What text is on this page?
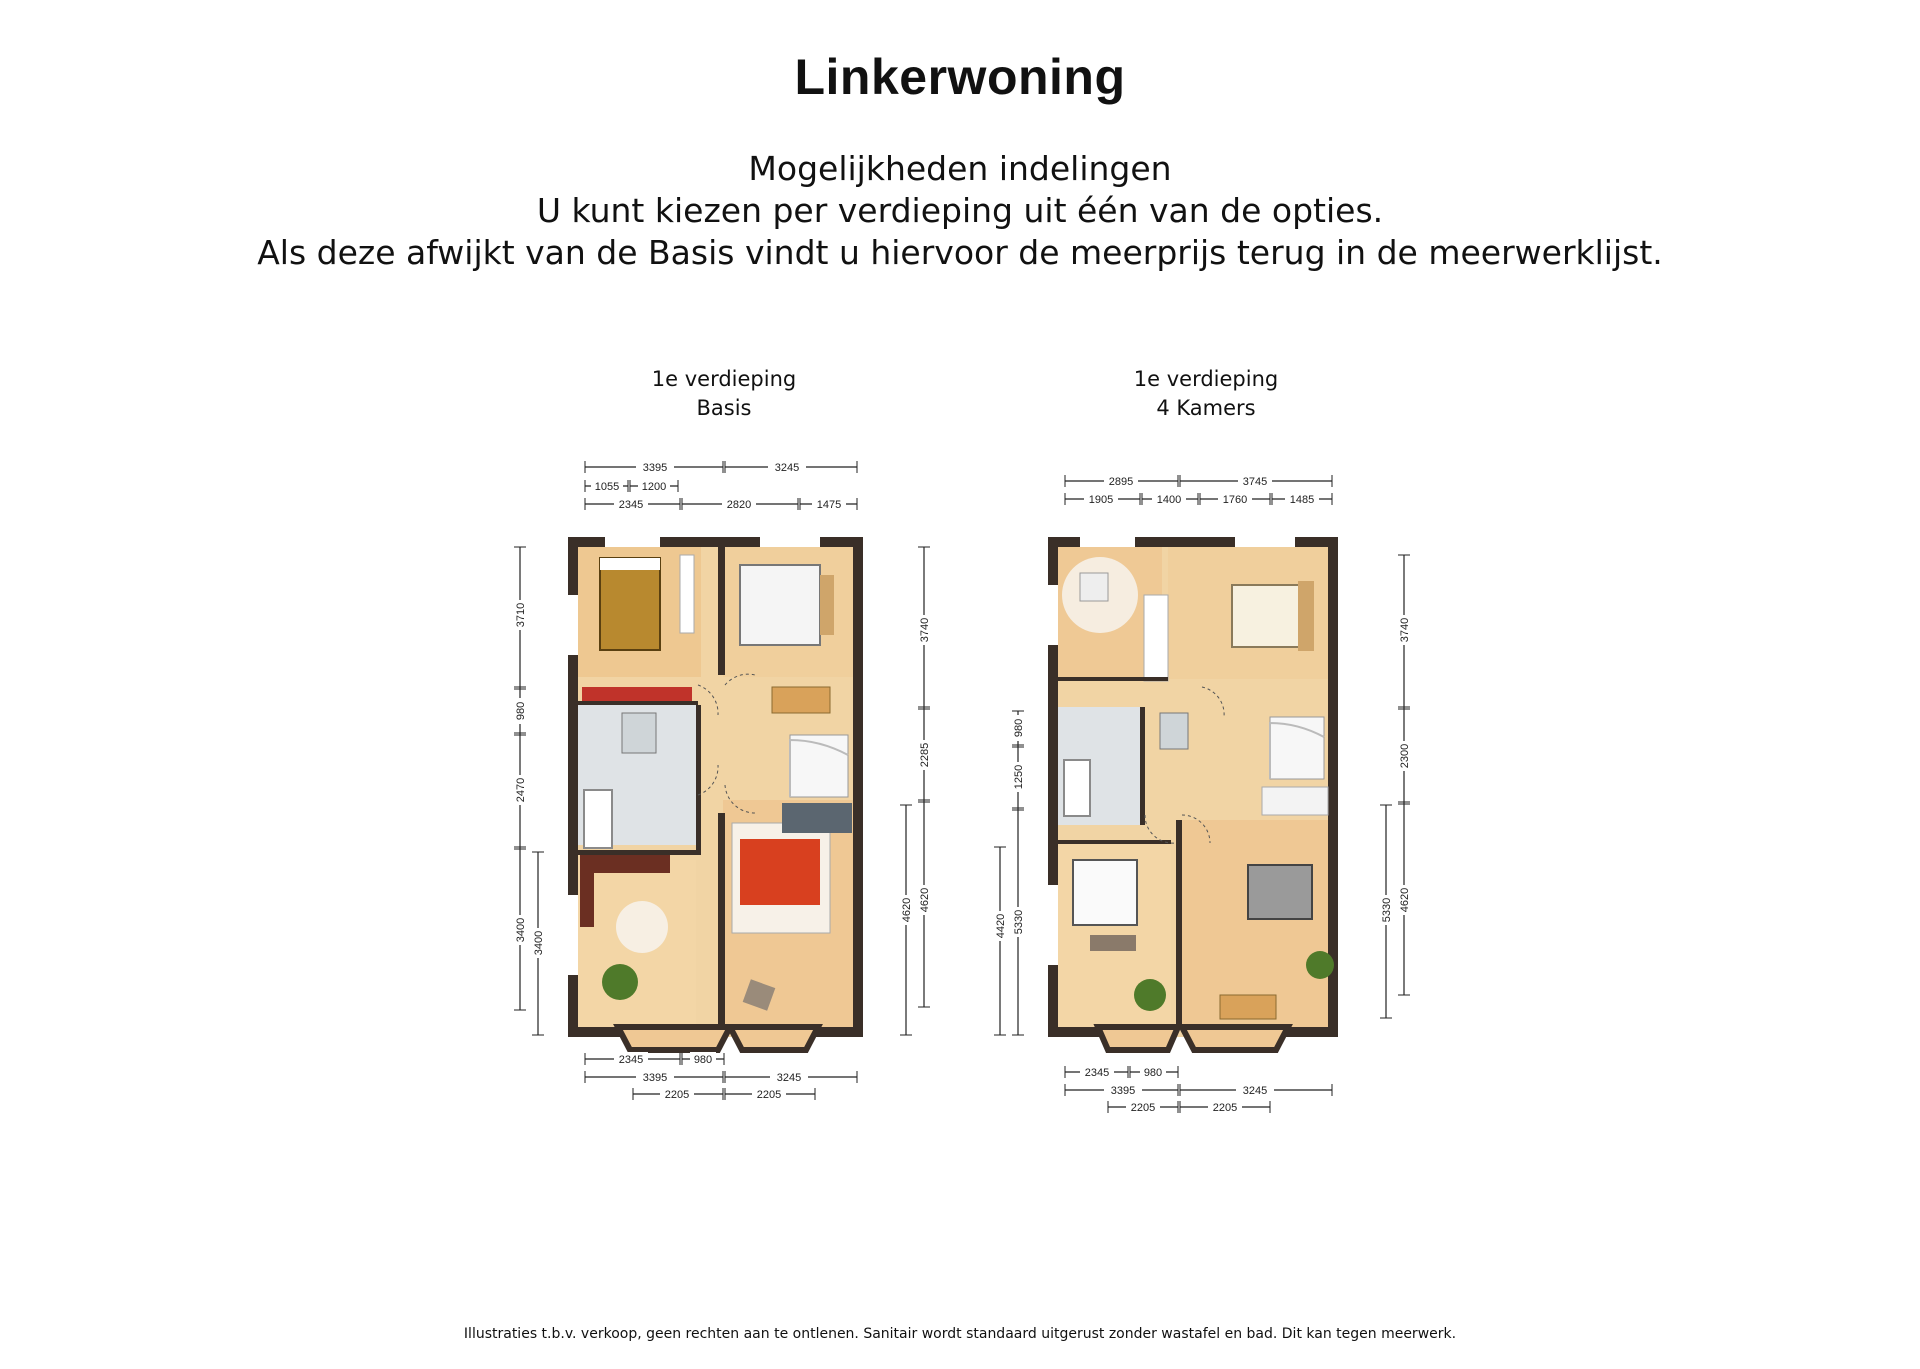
Linkerwoning
Mogelijkheden indelingen
U kunt kiezen per verdieping uit één van de opties.
Als deze afwijkt van de Basis vindt u hiervoor de meerprijs terug in de meerwerklijst.
1e verdieping
Basis
1e verdieping
4 Kamers
3395	3245
1055 1200
2345	2820	1475
3710
980
2470
3400
3400
3740
2285
4620 4620
2345	980
3395	3245
2205	2205
2895	3745
1905	1400	1760	1485
980
1250
5330
4420
3740
2300
5330 4620
2345	980
3395	3245
2205	2205
Illustraties t.b.v. verkoop, geen rechten aan te ontlenen. Sanitair wordt standaard uitgerust zonder wastafel en bad. Dit kan tegen meerwerk.
